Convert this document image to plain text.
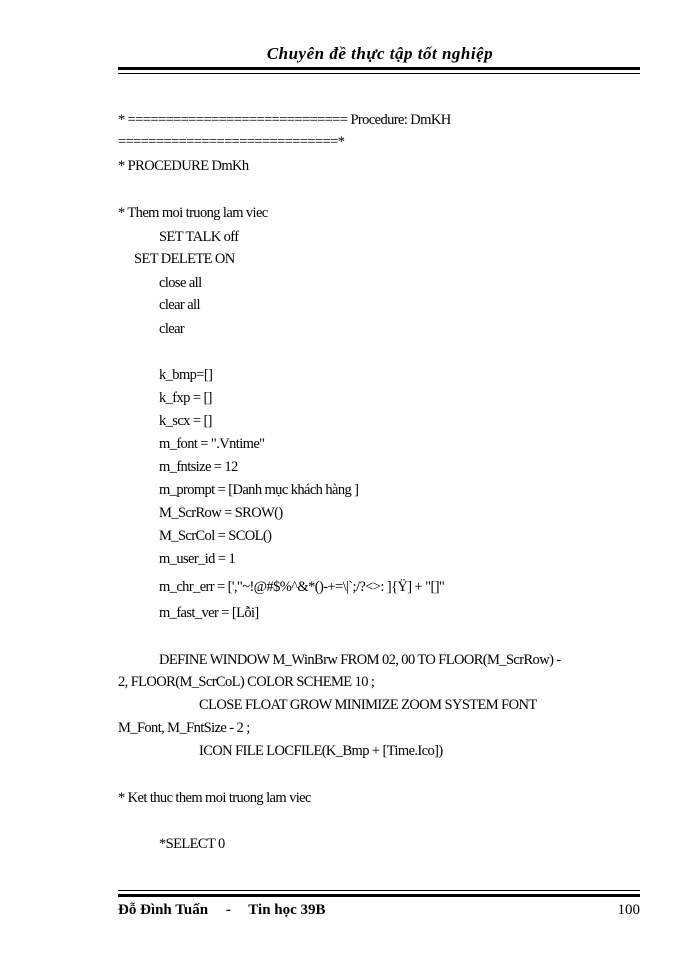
Chuyên đề thực tập tốt nghiệp
* ============================= Procedure: DmKH
=============================*
* PROCEDURE DmKh
* Them moi truong lam viec
SET TALK off
SET DELETE ON
close all
clear all
clear
k_bmp=[]
k_fxp = []
k_scx = []
m_font = ".Vntime"
m_fntsize = 12
m_prompt = [Danh mục khách hàng ]
M_ScrRow = SROW()
M_ScrCol = SCOL()
m_user_id = 1
m_chr_err = [',"~!@#$%^&*()-+=\|`;/?<>: ]{Ÿ] + "[]"
m_fast_ver = [Lỗi]
DEFINE WINDOW M_WinBrw FROM 02, 00 TO FLOOR(M_ScrRow) -
2, FLOOR(M_ScrCoL) COLOR SCHEME 10 ;
CLOSE FLOAT GROW MINIMIZE ZOOM SYSTEM FONT
M_Font, M_FntSize - 2 ;
ICON FILE LOCFILE(K_Bmp + [Time.Ico])
* Ket thuc them moi truong lam viec
*SELECT 0
Đỗ Đình Tuấn - Tin học 39B	100
